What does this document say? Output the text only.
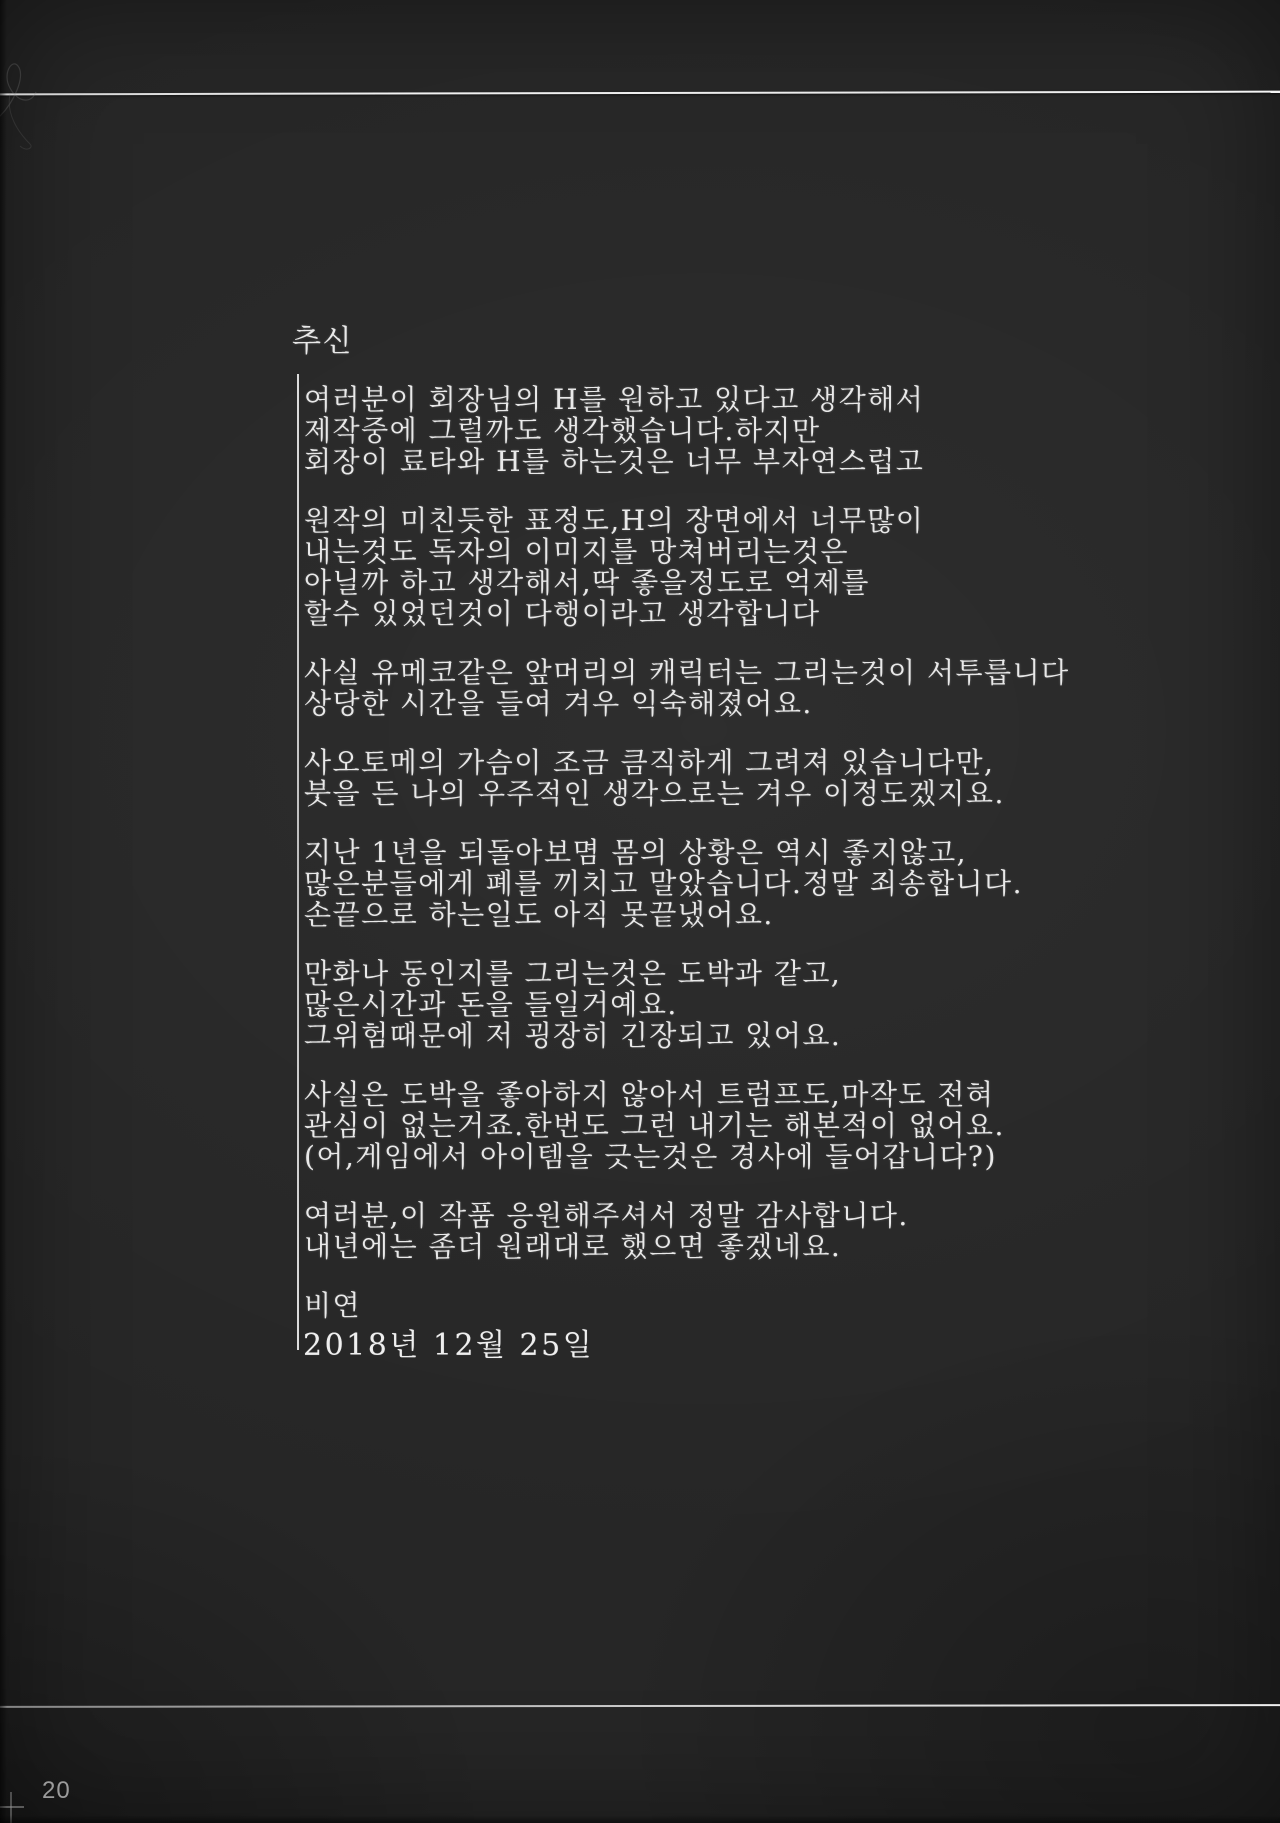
추신
여러분이 회장님의 H를 원하고 있다고 생각해서
제작중에 그럴까도 생각했습니다.하지만
회장이 료타와 H를 하는것은 너무 부자연스럽고
원작의 미친듯한 표정도,H의 장면에서 너무많이
내는것도 독자의 이미지를 망쳐버리는것은
아닐까 하고 생각해서,딱 좋을정도로 억제를
할수 있었던것이 다행이라고 생각합니다
사실 유메코같은 앞머리의 캐릭터는 그리는것이 서투릅니다
상당한 시간을 들여 겨우 익숙해졌어요.
사오토메의 가슴이 조금 큼직하게 그려져 있습니다만,
붓을 든 나의 우주적인 생각으로는 겨우 이정도겠지요.
지난 1년을 되돌아보몀 몸의 상황은 역시 좋지않고,
많은분들에게 폐를 끼치고 말았습니다.정말 죄송합니다.
손끝으로 하는일도 아직 못끝냈어요.
만화나 동인지를 그리는것은 도박과 같고,
많은시간과 돈을 들일거예요.
그위험때문에 저 굉장히 긴장되고 있어요.
사실은 도박을 좋아하지 않아서 트럼프도,마작도 전혀
관심이 없는거죠.한번도 그런 내기는 해본적이 없어요.
(어,게임에서 아이템을 긋는것은 경사에 들어갑니다?)
여러분,이 작품 응원해주셔서 정말 감사합니다.
내년에는 좀더 원래대로 했으면 좋겠네요.
비연
2018년 12월 25일
20
